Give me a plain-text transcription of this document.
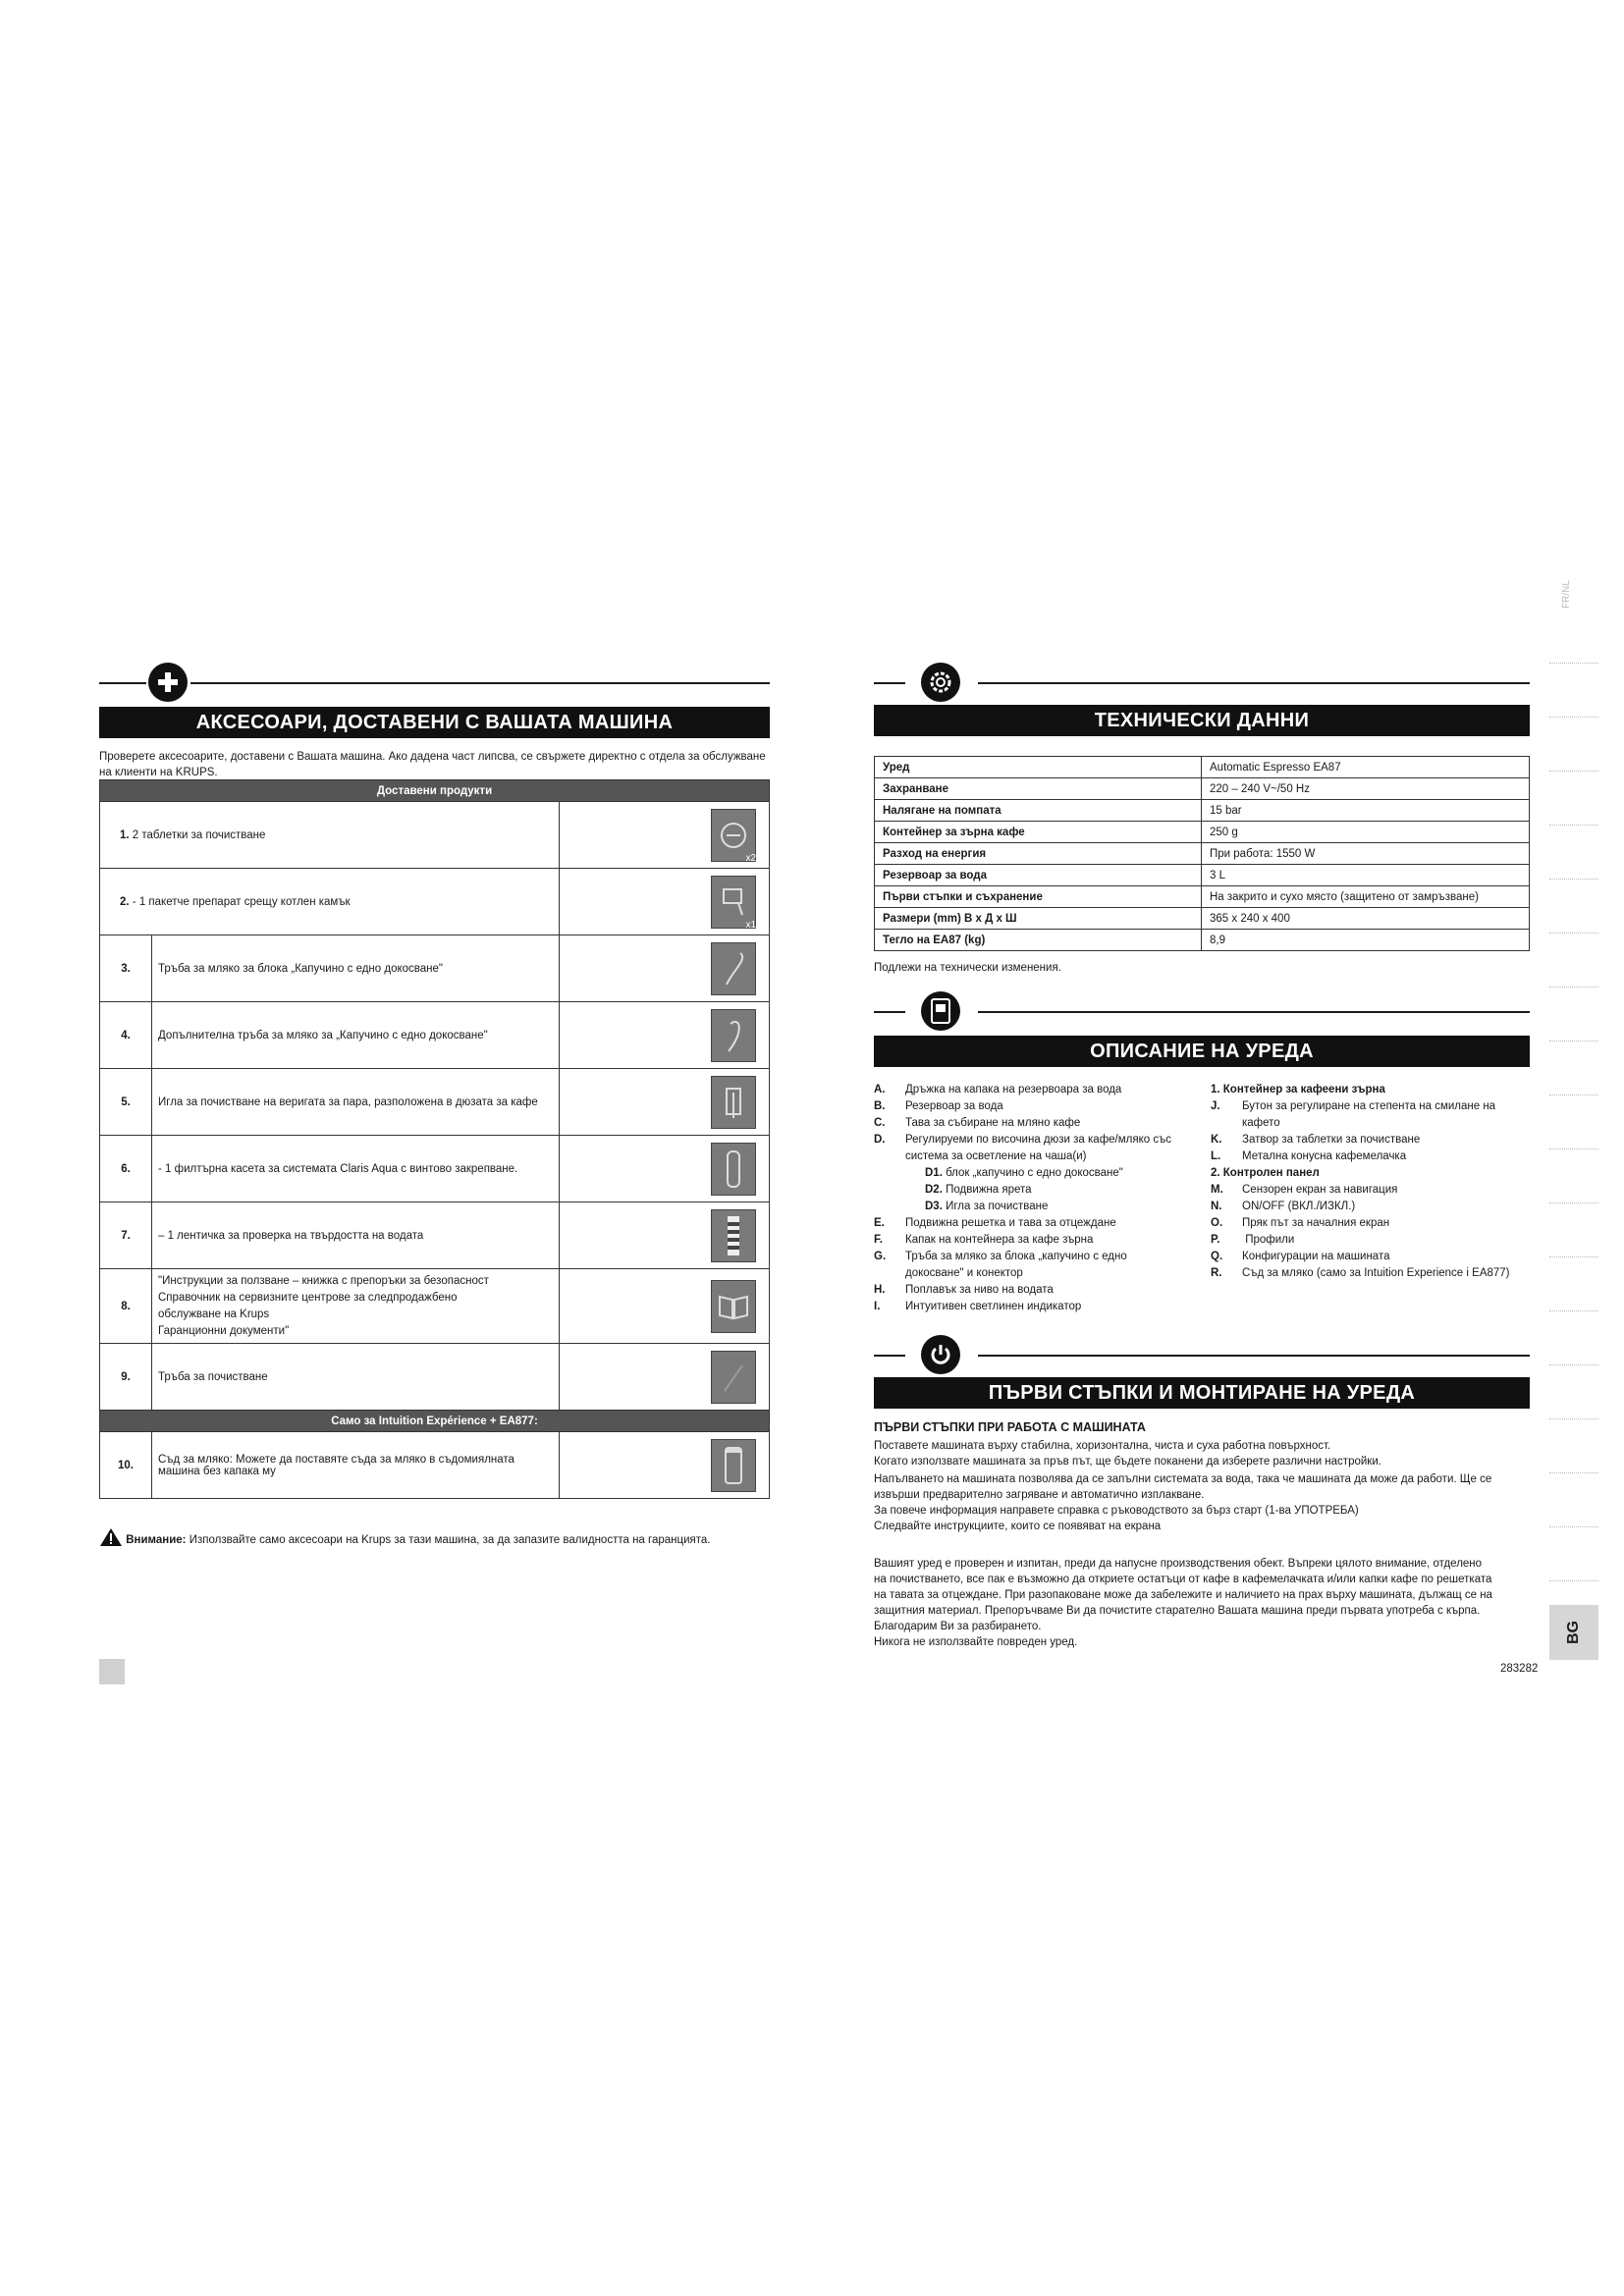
АКСЕСОАРИ, ДОСТАВЕНИ С ВАШАТА МАШИНА
Проверете аксесоарите, доставени с Вашата машина. Ако дадена част липсва, се свържете директно с отдела за обслужване
на клиенти на KRUPS.
Доставени продукти		
1. 2 таблетки за почистване		x2

2. - 1 пакетче препарат срещу котлен камък		x1

3.	Тръба за мляко за блока „Капучино с едно докосване"	

4.	Допълнителна тръба за мляко за „Капучино с едно докосване"	

5.	Игла за почистване на веригата за пара, разположена в дюзата за кафе	

6.	- 1 филтърна касета за системата Claris Aqua с винтово закрепване.	

7.	– 1 лентичка за проверка на твърдостта на водата	

8.	"Инструкции за ползване – книжка с препоръки за безопасност
Справочник на сервизните центрове за следпродажбено
обслужване на Krups
Гаранционни документи"

9.	Тръба за почистване	

Само за Intuition Expérience + EA877:		
10.	Съд за мляко: Можете да поставяте съда за мляко в съдомиялната машина без капака му	
Внимание: Използвайте само аксесоари на Krups за тази машина, за да запазите валидността на гаранцията.
ТЕХНИЧЕСКИ ДАННИ
Уред	Automatic Espresso EA87
Захранване	220 – 240 V~/50 Hz
Налягане на помпата	15 bar
Контейнер за зърна кафе	250 g
Разход на енергия	При работа: 1550 W
Резервоар за вода	3 L
Първи стъпки и съхранение	На закрито и сухо място (защитено от замръзване)
Размери (mm) В x Д x Ш	365 x 240 x 400
Тегло на EA87 (kg)	8,9
Подлежи на технически изменения.
ОПИСАНИЕ НА УРЕДА
A. Дръжка на капака на резервоара за вода
B. Резервоар за вода
C. Тава за събиране на мляно кафе
D. Регулируеми по височина дюзи за кафе/мляко със
система за осветление на чаша(и)
D1. блок „капучино с едно докосване"
D2. Подвижна ярета
D3. Игла за почистване
E. Подвижна решетка и тава за отцеждане
F. Капак на контейнера за кафе зърна
G. Тръба за мляко за блока „капучино с едно
докосване" и конектор
H. Поплавък за ниво на водата
I. Интуитивен светлинен индикатор
1. Контейнер за кафеени зърна
J. Бутон за регулиране на степента на смилане на
кафето
K. Затвор за таблетки за почистване
L. Метална конусна кафемелачка
2. Контролен панел
M. Сензорен екран за навигация
N. ON/OFF (ВКЛ./ИЗКЛ.)
O. Пряк път за началния екран
P. Профили
Q. Конфигурации на машината
R. Съд за мляко (само за Intuition Experience i EA877)
ПЪРВИ СТЪПКИ И МОНТИРАНЕ НА УРЕДА
ПЪРВИ СТЪПКИ ПРИ РАБОТА С МАШИНАТА
Поставете машината върху стабилна, хоризонтална, чиста и суха работна повърхност.
Когато използвате машината за пръв път, ще бъдете поканени да изберете различни настройки.
Напълването на машината позволява да се запълни системата за вода, така че машината да може да работи. Ще се
извърши предварително загряване и автоматично изплакване.
За повече информация направете справка с ръководството за бърз старт (1-ва УПОТРЕБА)
Следвайте инструкциите, които се появяват на екрана
Вашият уред е проверен и изпитан, преди да напусне производствения обект. Въпреки цялото внимание, отделено
на почистването, все пак е възможно да откриете остатъци от кафе в кафемелачката и/или капки кафе по решетката
на тавата за отцеждане. При разопаковане може да забележите и наличието на прах върху машината, дължащ се на
защитния материал. Препоръчваме Ви да почистите старателно Вашата машина преди първата употреба с кърпа.
Благодарим Ви за разбирането.
Никога не използвайте повреден уред.
FR/NL
BG
283282
